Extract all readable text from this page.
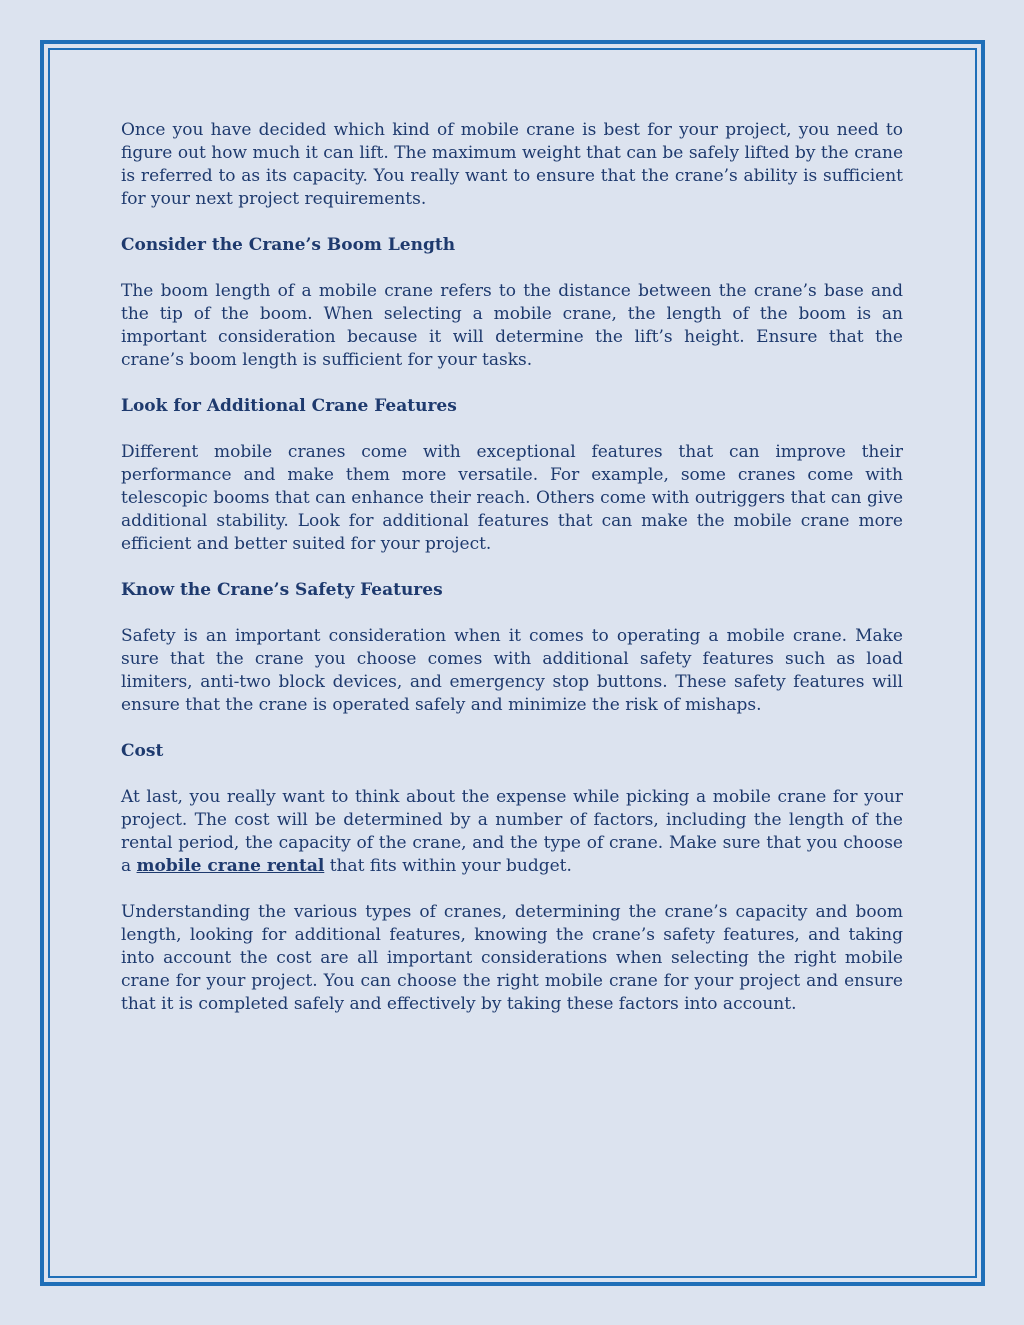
Once you have decided which kind of mobile crane is best for your project, you need to figure out how much it can lift. The maximum weight that can be safely lifted by the crane is referred to as its capacity. You really want to ensure that the crane’s ability is sufficient for your next project requirements.

Consider the Crane’s Boom Length

The boom length of a mobile crane refers to the distance between the crane’s base and the tip of the boom. When selecting a mobile crane, the length of the boom is an important consideration because it will determine the lift’s height. Ensure that the crane’s boom length is sufficient for your tasks.

Look for Additional Crane Features

Different mobile cranes come with exceptional features that can improve their performance and make them more versatile. For example, some cranes come with telescopic booms that can enhance their reach. Others come with outriggers that can give additional stability. Look for additional features that can make the mobile crane more efficient and better suited for your project.

Know the Crane’s Safety Features

Safety is an important consideration when it comes to operating a mobile crane. Make sure that the crane you choose comes with additional safety features such as load limiters, anti-two block devices, and emergency stop buttons. These safety features will ensure that the crane is operated safely and minimize the risk of mishaps.

Cost

At last, you really want to think about the expense while picking a mobile crane for your project. The cost will be determined by a number of factors, including the length of the rental period, the capacity of the crane, and the type of crane. Make sure that you choose a mobile crane rental that fits within your budget.

Understanding the various types of cranes, determining the crane’s capacity and boom length, looking for additional features, knowing the crane’s safety features, and taking into account the cost are all important considerations when selecting the right mobile crane for your project. You can choose the right mobile crane for your project and ensure that it is completed safely and effectively by taking these factors into account.
